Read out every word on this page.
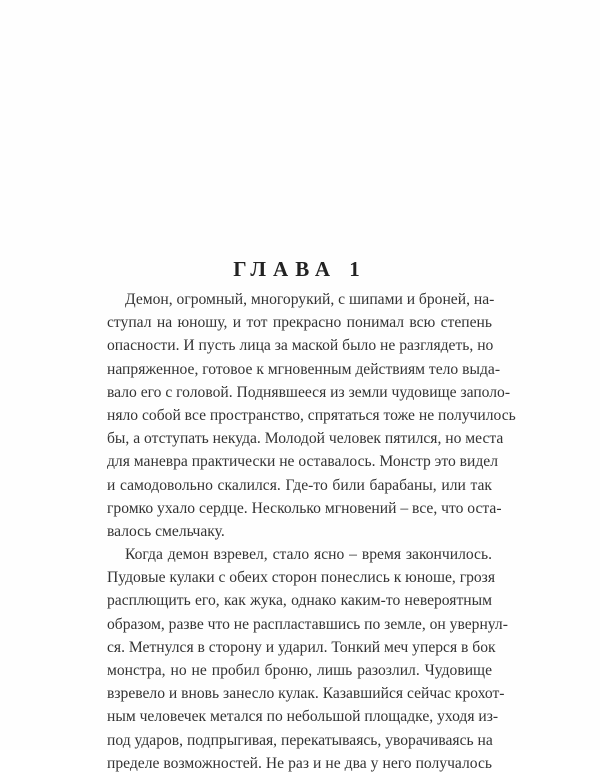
ГЛАВА 1
Демон, огромный, многорукий, с шипами и броней, на-
ступал на юношу, и тот прекрасно понимал всю степень
опасности. И пусть лица за маской было не разглядеть, но
напряженное, готовое к мгновенным действиям тело выда-
вало его с головой. Поднявшееся из земли чудовище заполо-
няло собой все пространство, спрятаться тоже не получилось
бы, а отступать некуда. Молодой человек пятился, но места
для маневра практически не оставалось. Монстр это видел
и самодовольно скалился. Где-то били барабаны, или так
громко ухало сердце. Несколько мгновений – все, что оста-
валось смельчаку.
Когда демон взревел, стало ясно – время закончилось.
Пудовые кулаки с обеих сторон понеслись к юноше, грозя
расплющить его, как жука, однако каким-то невероятным
образом, разве что не распластавшись по земле, он увернул-
ся. Метнулся в сторону и ударил. Тонкий меч уперся в бок
монстра, но не пробил броню, лишь разозлил. Чудовище
взревело и вновь занесло кулак. Казавшийся сейчас крохот-
ным человечек метался по небольшой площадке, уходя из-
под ударов, подпрыгивая, перекатываясь, уворачиваясь на
пределе возможностей. Не раз и не два у него получалось
